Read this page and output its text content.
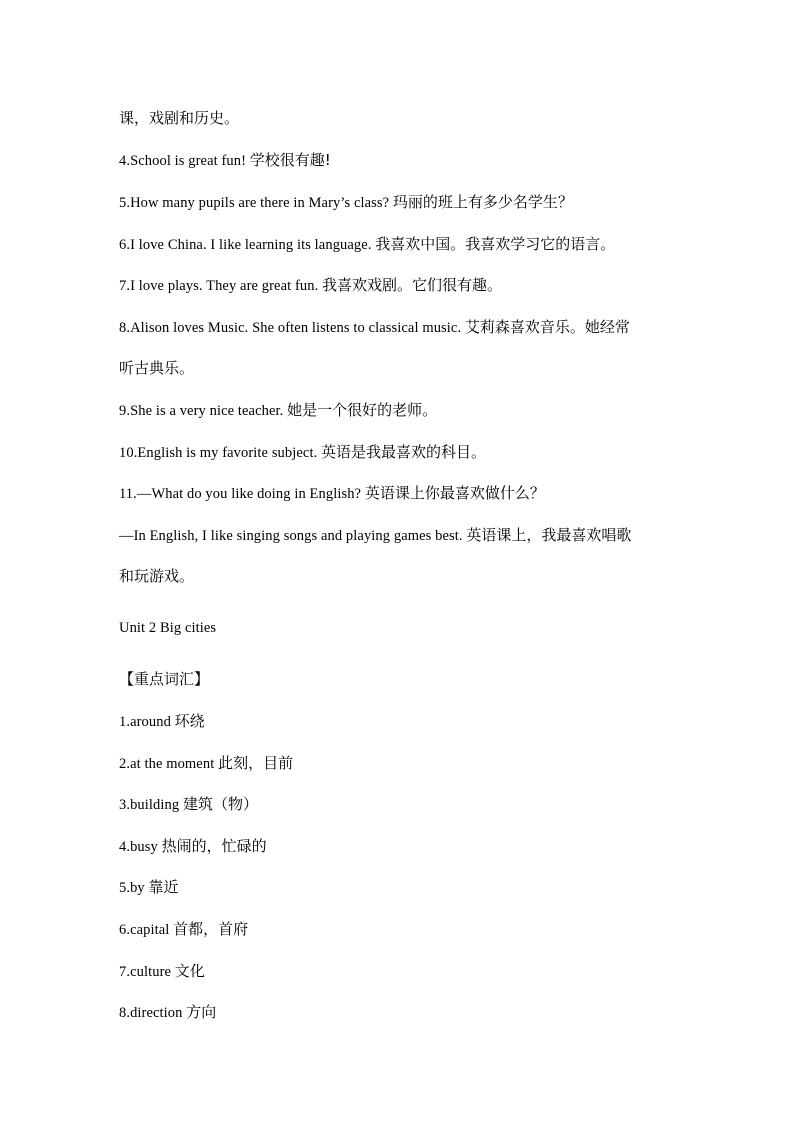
课，戏剧和历史。
4.School is great fun! 学校很有趣!
5.How many pupils are there in Mary’s class? 玛丽的班上有多少名学生？
6.I love China. I like learning its language. 我喜欢中国。我喜欢学习它的语言。
7.I love plays. They are great fun. 我喜欢戏剧。它们很有趣。
8.Alison loves Music. She often listens to classical music. 艾莉森喜欢音乐。她经常
听古典乐。
9.She is a very nice teacher. 她是一个很好的老师。
10.English is my favorite subject. 英语是我最喜欢的科目。
11.—What do you like doing in English? 英语课上你最喜欢做什么？
—In English, I like singing songs and playing games best. 英语课上，我最喜欢唱歌
和玩游戏。
Unit 2 Big cities
【重点词汇】
1.around 环绕
2.at the moment 此刻，目前
3.building 建筑（物）
4.busy 热闹的，忙碌的
5.by 靠近
6.capital 首都，首府
7.culture 文化
8.direction 方向
